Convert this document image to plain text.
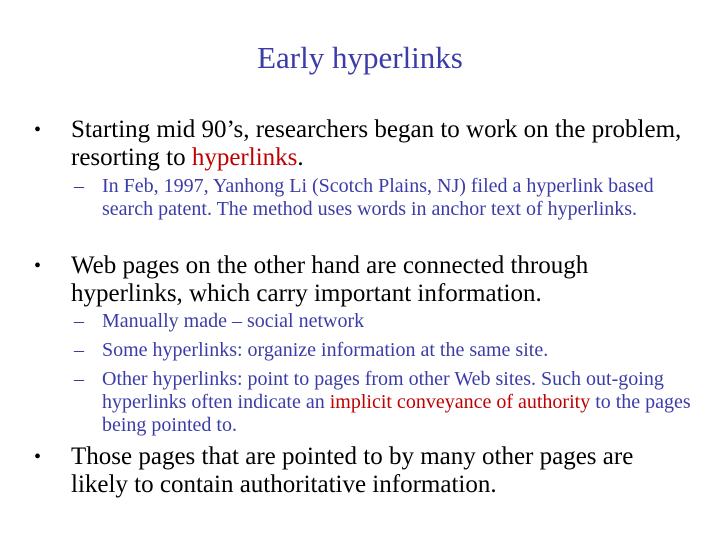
Early hyperlinks
• Starting mid 90’s, researchers began to work on the problem, resorting to hyperlinks.
– In Feb, 1997, Yanhong Li (Scotch Plains, NJ) filed a hyperlink based search patent. The method uses words in anchor text of hyperlinks.
• Web pages on the other hand are connected through hyperlinks, which carry important information.
– Manually made – social network
– Some hyperlinks: organize information at the same site.
– Other hyperlinks: point to pages from other Web sites. Such out-going hyperlinks often indicate an implicit conveyance of authority to the pages being pointed to.
• Those pages that are pointed to by many other pages are likely to contain authoritative information.
